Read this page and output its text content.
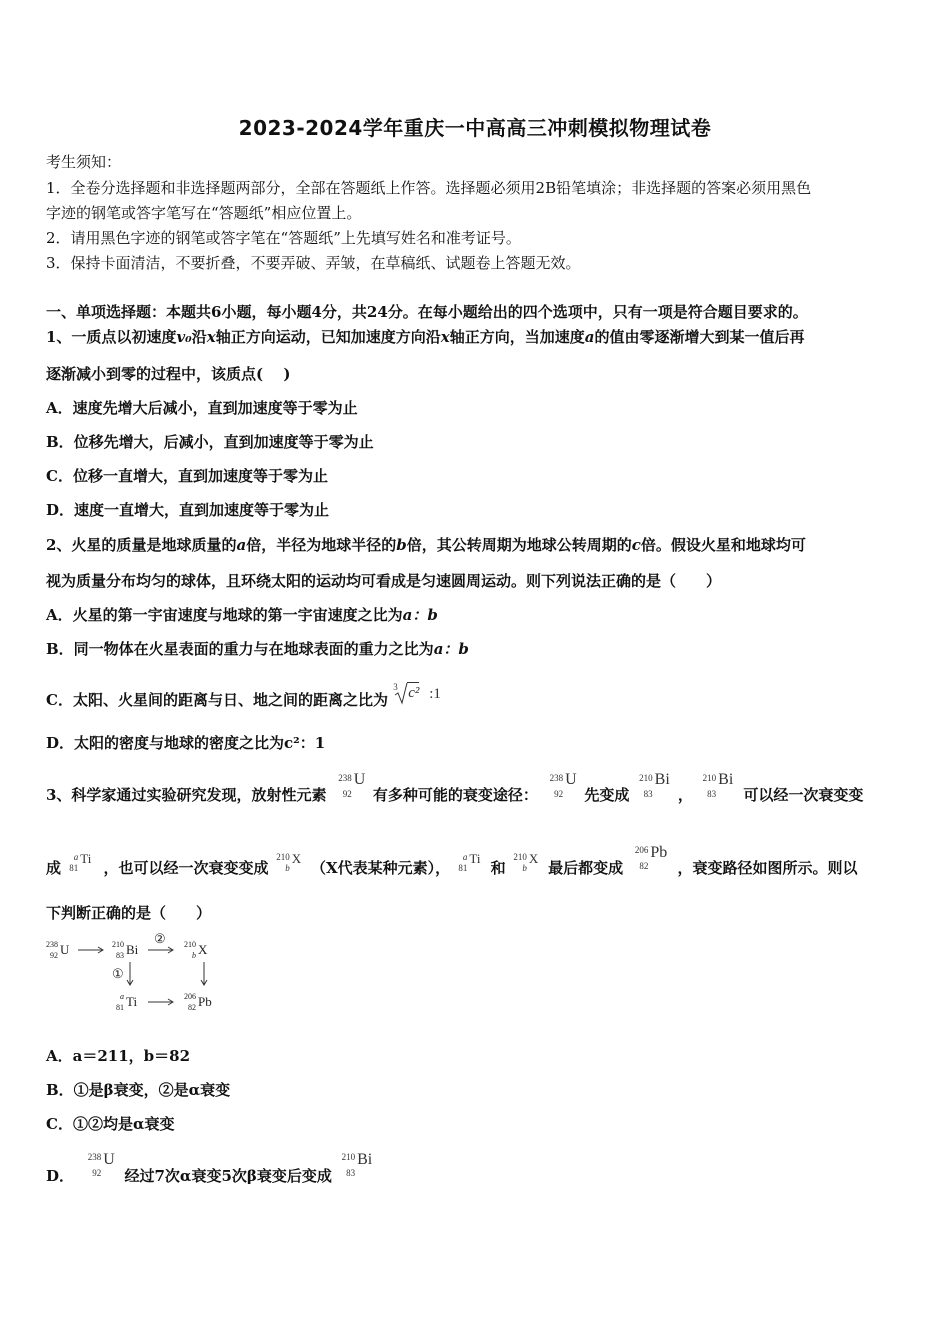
2023-2024学年重庆一中高高三冲刺模拟物理试卷
考生须知：
1．全卷分选择题和非选择题两部分，全部在答题纸上作答。选择题必须用2B铅笔填涂；非选择题的答案必须用黑色
字迹的钢笔或答字笔写在“答题纸”相应位置上。
2．请用黑色字迹的钢笔或答字笔在“答题纸”上先填写姓名和准考证号。
3．保持卡面清洁，不要折叠，不要弄破、弄皱，在草稿纸、试题卷上答题无效。
一、单项选择题：本题共6小题，每小题4分，共24分。在每小题给出的四个选项中，只有一项是符合题目要求的。
1、一质点以初速度v₀沿x轴正方向运动，已知加速度方向沿x轴正方向，当加速度a的值由零逐渐增大到某一值后再
逐渐减小到零的过程中，该质点(　 )
A．速度先增大后减小，直到加速度等于零为止
B．位移先增大，后减小，直到加速度等于零为止
C．位移一直增大，直到加速度等于零为止
D．速度一直增大，直到加速度等于零为止
2、火星的质量是地球质量的a倍，半径为地球半径的b倍，其公转周期为地球公转周期的c倍。假设火星和地球均可
视为质量分布均匀的球体，且环绕太阳的运动均可看成是匀速圆周运动。则下列说法正确的是（　　）
A．火星的第一宇宙速度与地球的第一宇宙速度之比为a：b
B．同一物体在火星表面的重力与在地球表面的重力之比为a：b
C．太阳、火星间的距离与日、地之间的距离之比为
3 c² :1
D．太阳的密度与地球的密度之比为c²：1
3、科学家通过实验研究发现，放射性元素
238
92
U
有多种可能的衰变途径：
238
92
U
先变成
210
83
Bi
，
210
83
Bi
可以经一次衰变变
成
a
81
Ti
，也可以经一次衰变变成
210
b
X
（X代表某种元素），
a
81
Ti
和
210
b
X
最后都变成
206
82
Pb
，衰变路径如图所示。则以
下判断正确的是（　　）
238
92 U	210
83 Bi
② 210
b X
①
a
81 Ti	206
82 Pb
A．a＝211，b＝82
B．①是β衰变，②是α衰变
C．①②均是α衰变
D．
238
92
U
经过7次α衰变5次β衰变后变成
210
83
Bi
